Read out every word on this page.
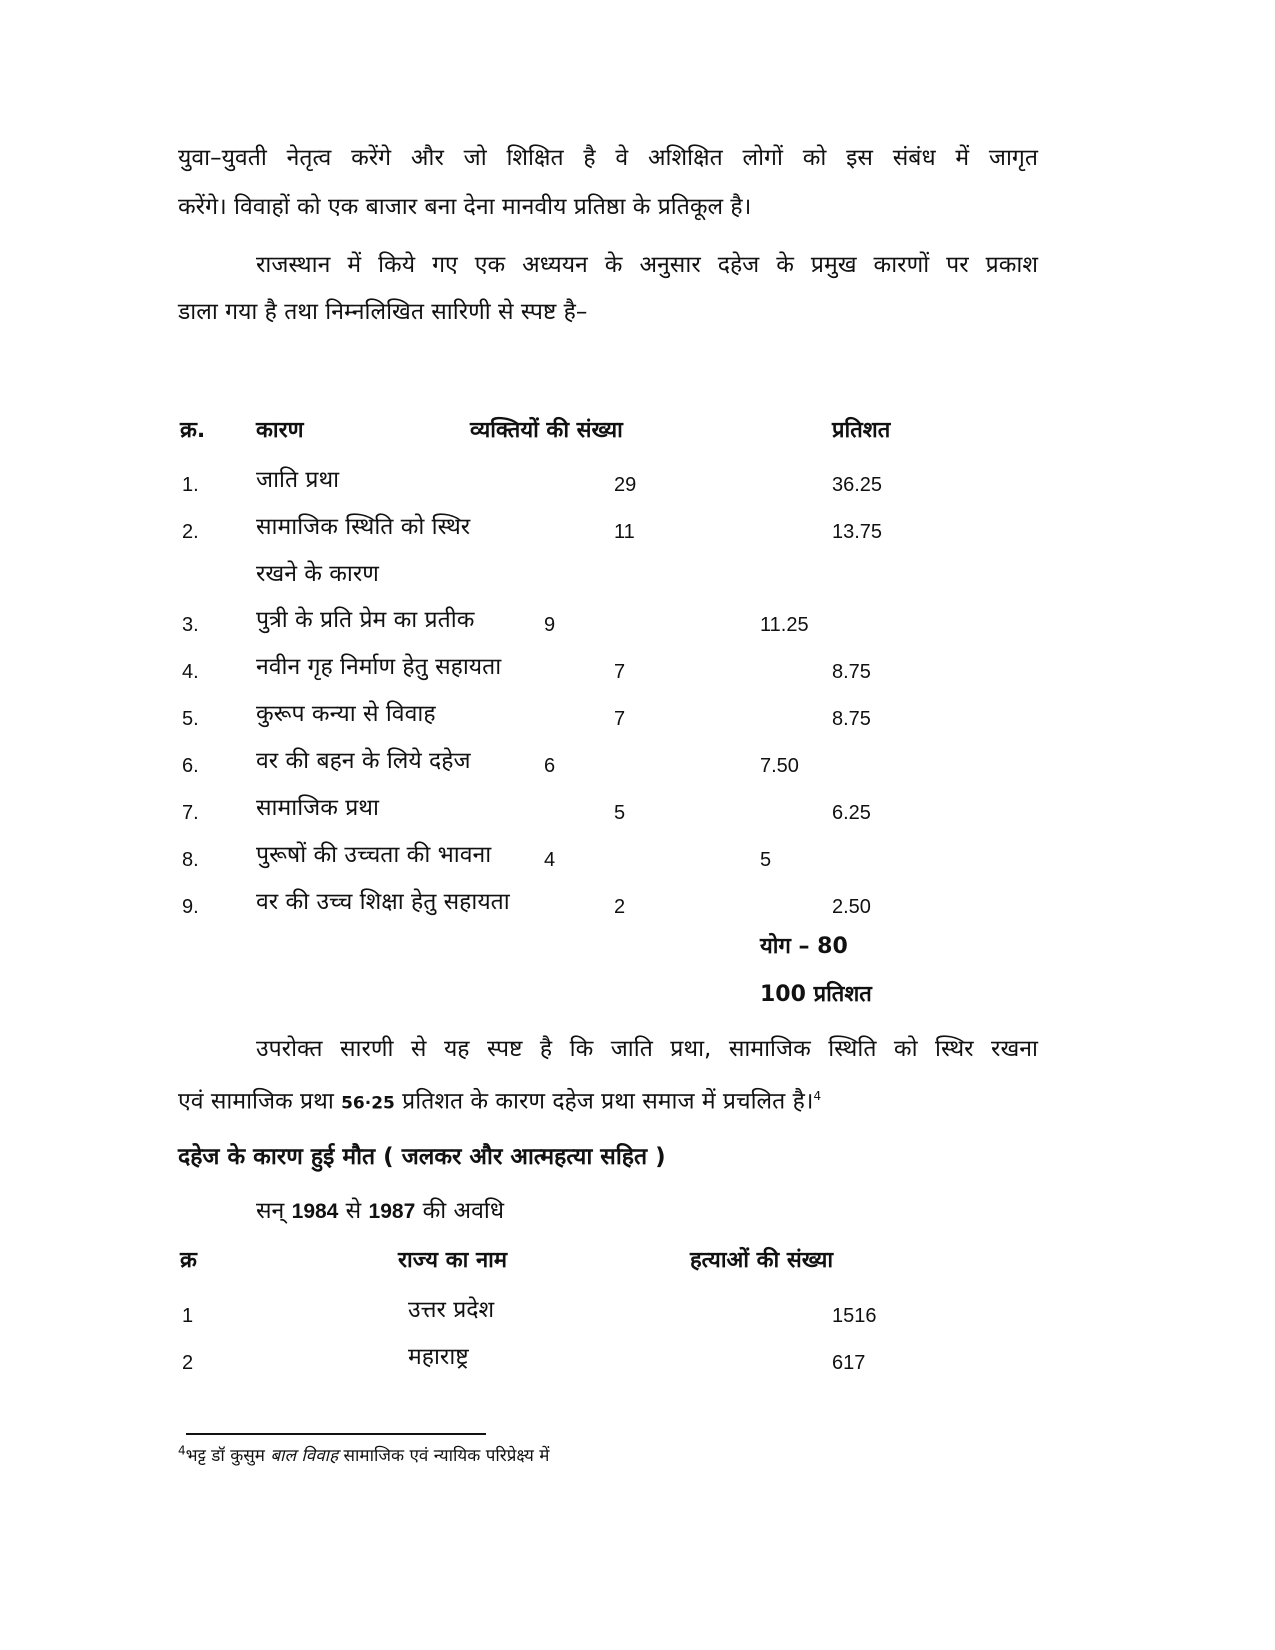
युवा–युवती नेतृत्व करेंगे और जो शिक्षित है वे अशिक्षित लोगों को इस संबंध में जागृत
करेंगे। विवाहों को एक बाजार बना देना मानवीय प्रतिष्ठा के प्रतिकूल है।
राजस्थान में किये गए एक अध्ययन के अनुसार दहेज के प्रमुख कारणों पर प्रकाश
डाला गया है तथा निम्नलिखित सारिणी से स्पष्ट है–
क्र. कारण	व्यक्तियों की संख्या	प्रतिशत
1. जाति प्रथा	29	36.25
2. सामाजिक स्थिति को स्थिर
रखने के कारण
11	13.75
3. पुत्री के प्रति प्रेम का प्रतीक	9	11.25
4. नवीन गृह निर्माण हेतु सहायता	7	8.75
5. कुरूप कन्या से विवाह	7	8.75
6. वर की बहन के लिये दहेज	6	7.50
7. सामाजिक प्रथा	5	6.25
8. पुरूषों की उच्चता की भावना	4	5
9. वर की उच्च शिक्षा हेतु सहायता	2	2.50
योग – 80
100 प्रतिशत
उपरोक्त सारणी से यह स्पष्ट है कि जाति प्रथा, सामाजिक स्थिति को स्थिर रखना
एवं सामाजिक प्रथा 56·25 प्रतिशत के कारण दहेज प्रथा समाज में प्रचलित है।$^4$
दहेज के कारण हुई मौत ( जलकर और आत्महत्या सहित )
सन् 1984 से 1987 की अवधि
क्र	राज्य का नाम	हत्याओं की संख्या
1	उत्तर प्रदेश	1516
2	महाराष्ट्र	617
$^4$भट्ट डॉ कुसुम बाल विवाह सामाजिक एवं न्यायिक परिप्रेक्ष्य में
